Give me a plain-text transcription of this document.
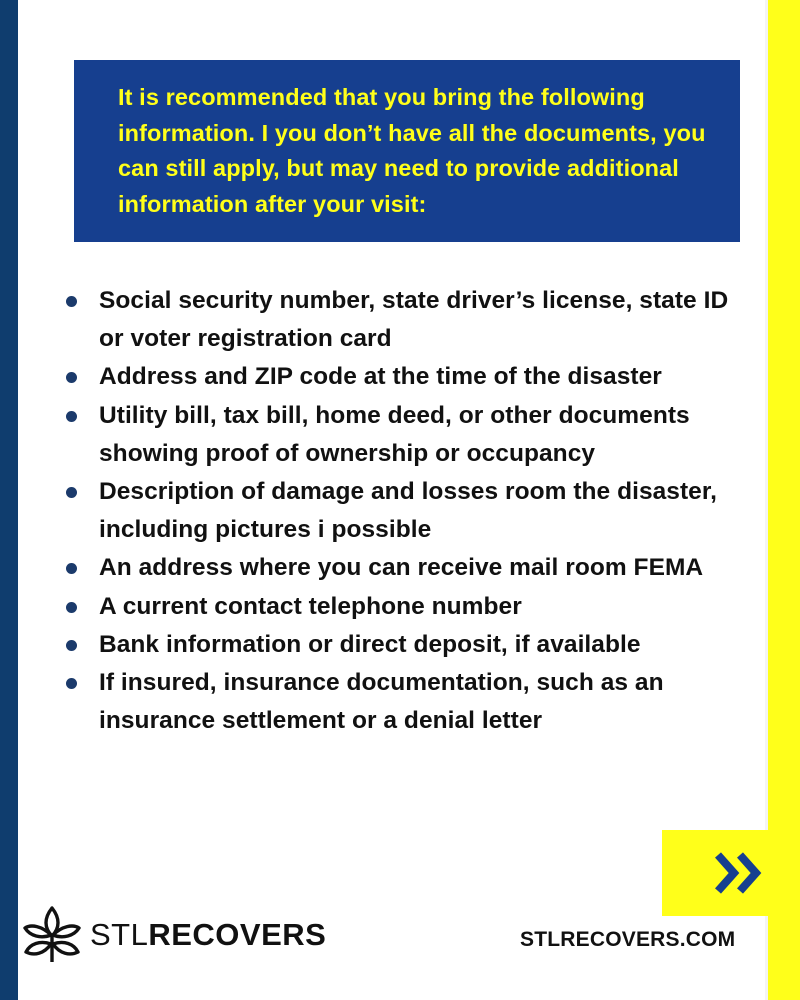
It is recommended that you bring the following information. I you don’t have all the documents, you can still apply, but may need to provide additional information after your visit:

Social security number, state driver’s license, state ID or voter registration card
Address and ZIP code at the time of the disaster
Utility bill, tax bill, home deed, or other documents showing proof of ownership or occupancy
Description of damage and losses room the disaster, including pictures i possible
An address where you can receive mail room FEMA
A current contact telephone number
Bank information or direct deposit, if available
If insured, insurance documentation, such as an insurance settlement or a denial letter
STLRECOVERS	STLRECOVERS.COM
